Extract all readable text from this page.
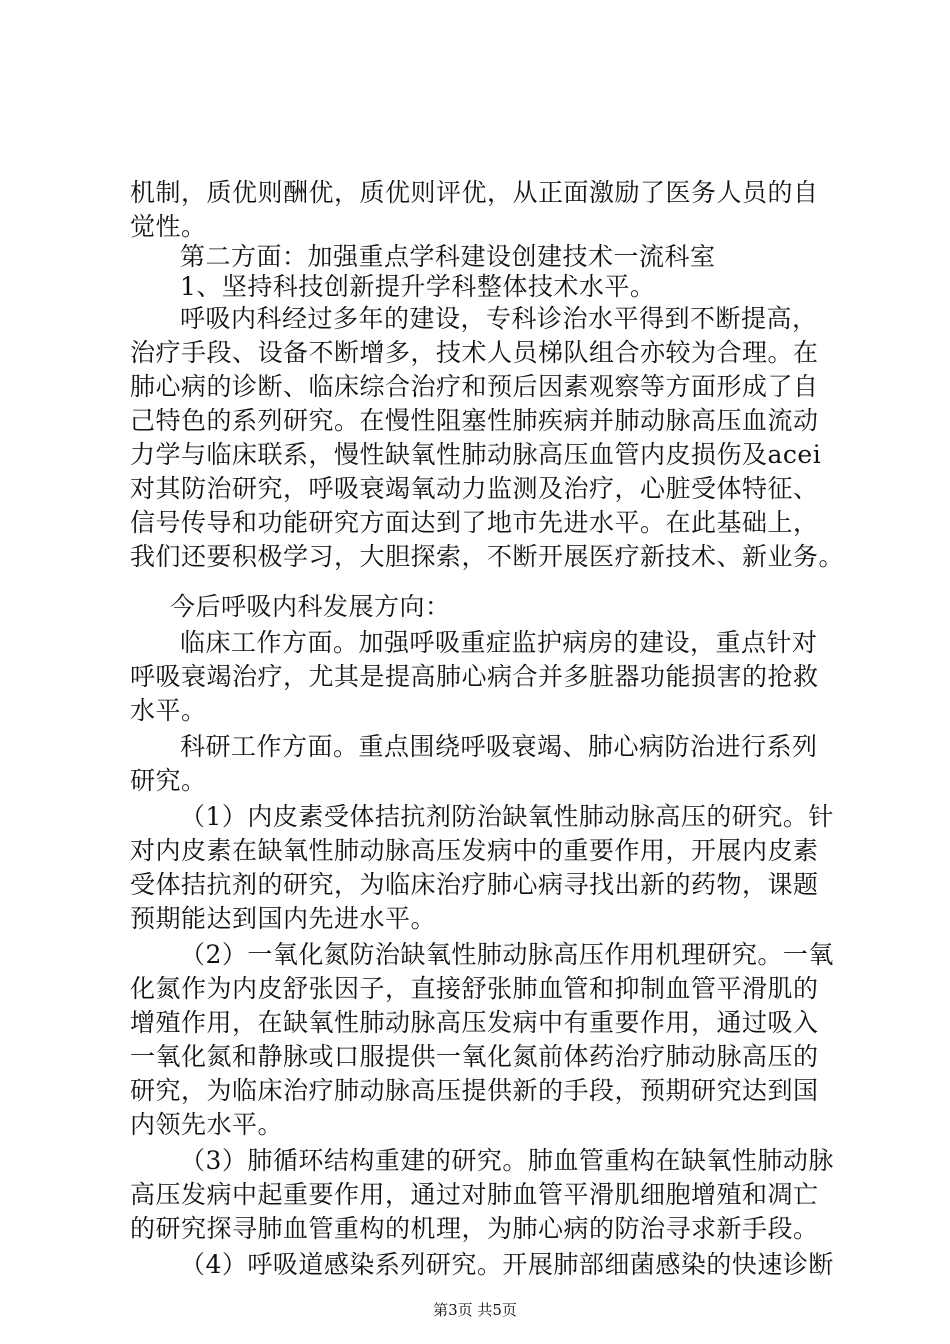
机制，质优则酬优，质优则评优，从正面激励了医务人员的自
觉性。
第二方面：加强重点学科建设创建技术一流科室
1、坚持科技创新提升学科整体技术水平。
呼吸内科经过多年的建设，专科诊治水平得到不断提高，
治疗手段、设备不断增多，技术人员梯队组合亦较为合理。在
肺心病的诊断、临床综合治疗和预后因素观察等方面形成了自
己特色的系列研究。在慢性阻塞性肺疾病并肺动脉高压血流动
力学与临床联系，慢性缺氧性肺动脉高压血管内皮损伤及acei
对其防治研究，呼吸衰竭氧动力监测及治疗，心脏受体特征、
信号传导和功能研究方面达到了地市先进水平。在此基础上，
我们还要积极学习，大胆探索，不断开展医疗新技术、新业务。
今后呼吸内科发展方向：
临床工作方面。加强呼吸重症监护病房的建设，重点针对
呼吸衰竭治疗，尤其是提高肺心病合并多脏器功能损害的抢救
水平。
科研工作方面。重点围绕呼吸衰竭、肺心病防治进行系列
研究。
（1）内皮素受体拮抗剂防治缺氧性肺动脉高压的研究。针
对内皮素在缺氧性肺动脉高压发病中的重要作用，开展内皮素
受体拮抗剂的研究，为临床治疗肺心病寻找出新的药物，课题
预期能达到国内先进水平。
（2）一氧化氮防治缺氧性肺动脉高压作用机理研究。一氧
化氮作为内皮舒张因子，直接舒张肺血管和抑制血管平滑肌的
增殖作用，在缺氧性肺动脉高压发病中有重要作用，通过吸入
一氧化氮和静脉或口服提供一氧化氮前体药治疗肺动脉高压的
研究，为临床治疗肺动脉高压提供新的手段，预期研究达到国
内领先水平。
（3）肺循环结构重建的研究。肺血管重构在缺氧性肺动脉
高压发病中起重要作用，通过对肺血管平滑肌细胞增殖和凋亡
的研究探寻肺血管重构的机理，为肺心病的防治寻求新手段。
（4）呼吸道感染系列研究。开展肺部细菌感染的快速诊断
第3页 共5页
